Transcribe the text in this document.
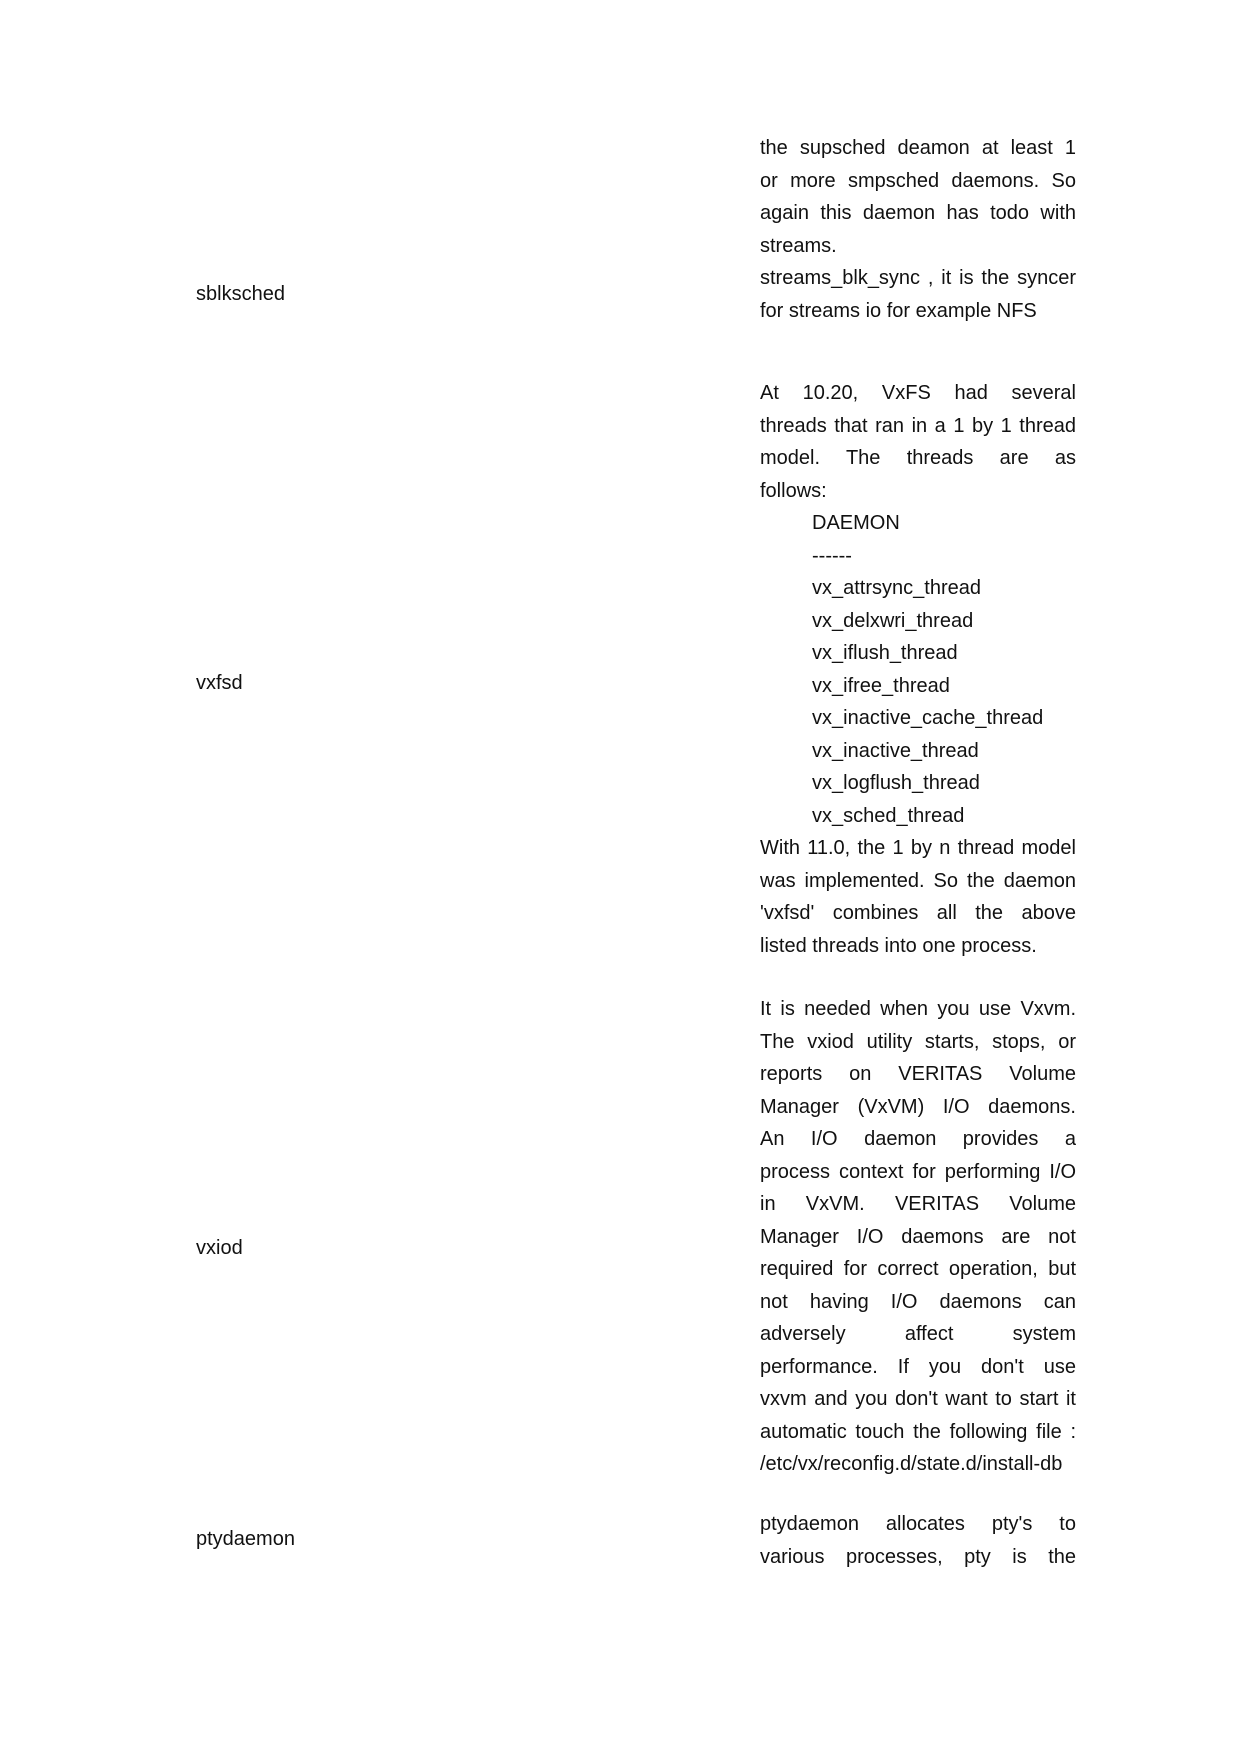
sblksched

the supsched deamon at least 1

or more smpsched daemons. So

again this daemon has todo with

streams.

streams_blk_sync , it is the syncer

for streams io for example NFS

vxfsd

At 10.20, VxFS had several

threads that ran in a 1 by 1 thread

model. The threads are as

follows:

DAEMON

------

vx_attrsync_thread

vx_delxwri_thread

vx_iflush_thread

vx_ifree_thread

vx_inactive_cache_thread

vx_inactive_thread

vx_logflush_thread

vx_sched_thread

With 11.0, the 1 by n thread model

was implemented. So the daemon

'vxfsd' combines all the above

listed threads into one process.

vxiod

It is needed when you use Vxvm.

The vxiod utility starts, stops, or

reports on VERITAS Volume

Manager (VxVM) I/O daemons.

An I/O daemon provides a

process context for performing I/O

in VxVM. VERITAS Volume

Manager I/O daemons are not

required for correct operation, but

not having I/O daemons can

adversely affect system

performance. If you don't use

vxvm and you don't want to start it

automatic touch the following file :

/etc/vx/reconfig.d/state.d/install-db

ptydaemon

ptydaemon allocates pty's to

various processes, pty is the
